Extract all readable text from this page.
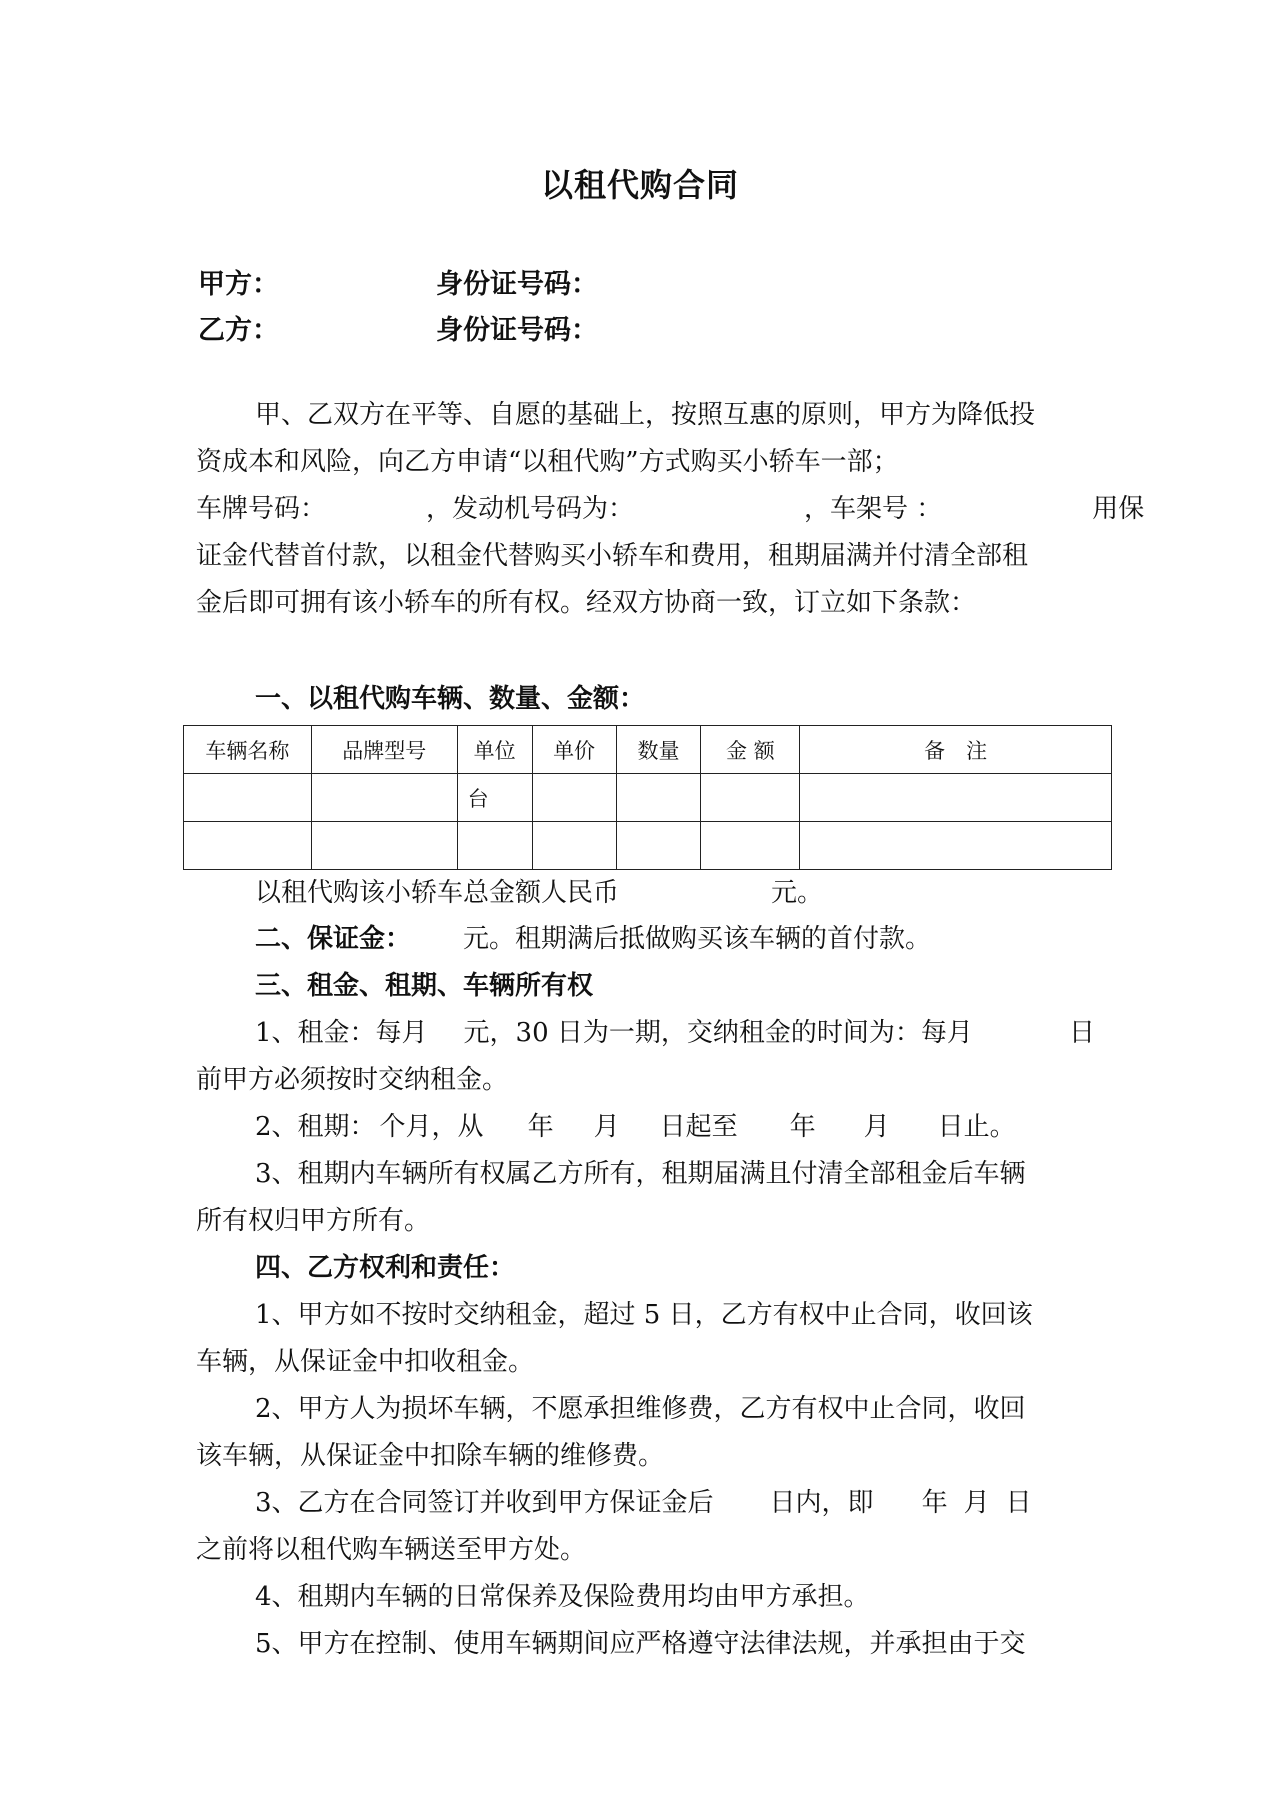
以租代购合同
甲方：	身份证号码：
乙方：	身份证号码：
甲、乙双方在平等、自愿的基础上，按照互惠的原则，甲方为降低投
资成本和风险，向乙方申请“以租代购”方式购买小轿车一部；
车牌号码：	，发动机号码为：	，车架号 ：	用保
证金代替首付款，以租金代替购买小轿车和费用，租期届满并付清全部租
金后即可拥有该小轿车的所有权。经双方协商一致，订立如下条款：
一、以租代购车辆、数量、金额：
车辆名称	品牌型号	单位	单价	数量	金 额	备　注
		台				

以租代购该小轿车总金额人民币	元。
二、保证金： 元。租期满后抵做购买该车辆的首付款。
三、租金、租期、车辆所有权
1、租金：每月 元，30 日为一期，交纳租金的时间为：每月	日
前甲方必须按时交纳租金。
2、租期： 个月，从 年 月 日起至 年 月 日止。
3、租期内车辆所有权属乙方所有，租期届满且付清全部租金后车辆
所有权归甲方所有。
四、乙方权利和责任：
1、甲方如不按时交纳租金，超过 5 日，乙方有权中止合同，收回该
车辆，从保证金中扣收租金。
2、甲方人为损坏车辆，不愿承担维修费，乙方有权中止合同，收回
该车辆，从保证金中扣除车辆的维修费。
3、乙方在合同签订并收到甲方保证金后 日内，即 年 月 日
之前将以租代购车辆送至甲方处。
4、租期内车辆的日常保养及保险费用均由甲方承担。
5、甲方在控制、使用车辆期间应严格遵守法律法规，并承担由于交
